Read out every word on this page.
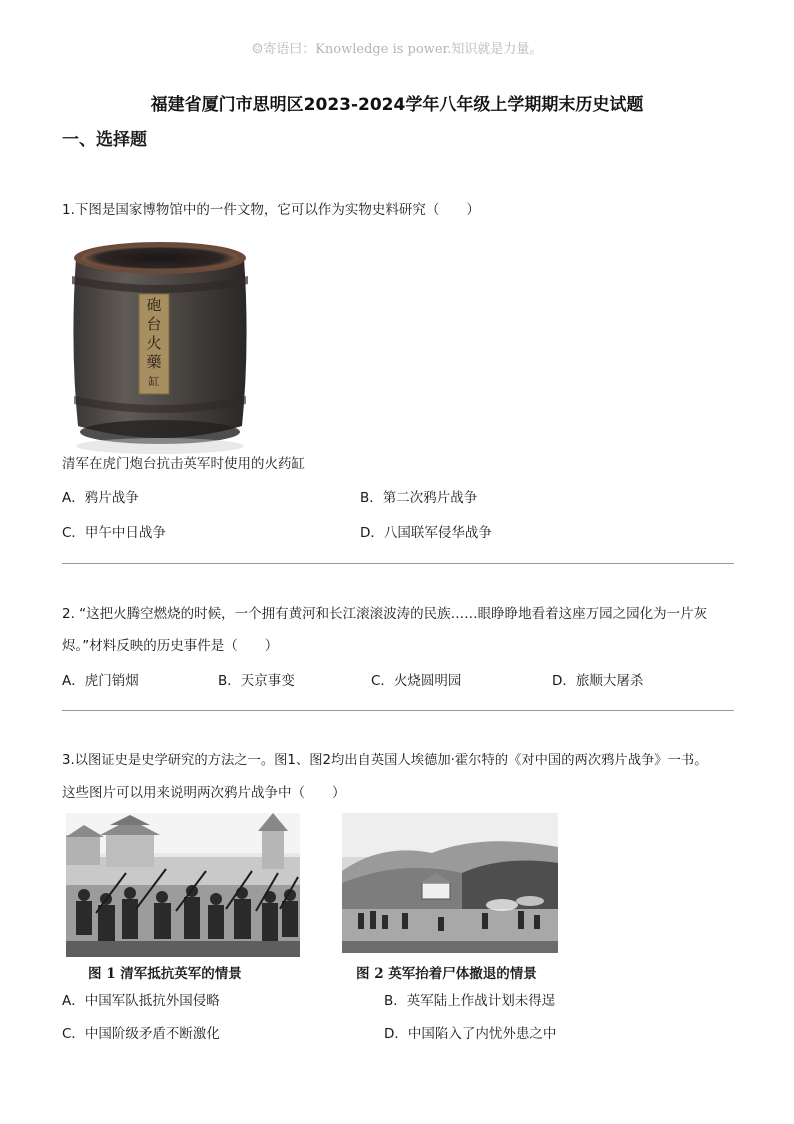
☺寄语曰：Knowledge is power.知识就是力量。
福建省厦门市思明区2023-2024学年八年级上学期期末历史试题
一、选择题
1.下图是国家博物馆中的一件文物，它可以作为实物史料研究（　　）
砲
台
火
藥
缸
清军在虎门炮台抗击英军时使用的火药缸
A．鸦片战争	B．第二次鸦片战争
C．甲午中日战争	D．八国联军侵华战争
2. “这把火腾空燃烧的时候，一个拥有黄河和长江滚滚波涛的民族……眼睁睁地看着这座万园之园化为一片灰
烬。”材料反映的历史事件是（　　）
A．虎门销烟	B．天京事变	C．火烧圆明园	D．旅顺大屠杀
3.以图证史是史学研究的方法之一。图1、图2均出自英国人埃德加·霍尔特的《对中国的两次鸦片战争》一书。
这些图片可以用来说明两次鸦片战争中（　　）
图 1 清军抵抗英军的情景	图 2 英军抬着尸体撤退的情景
A．中国军队抵抗外国侵略	B．英军陆上作战计划未得逞
C．中国阶级矛盾不断激化	D．中国陷入了内忧外患之中
